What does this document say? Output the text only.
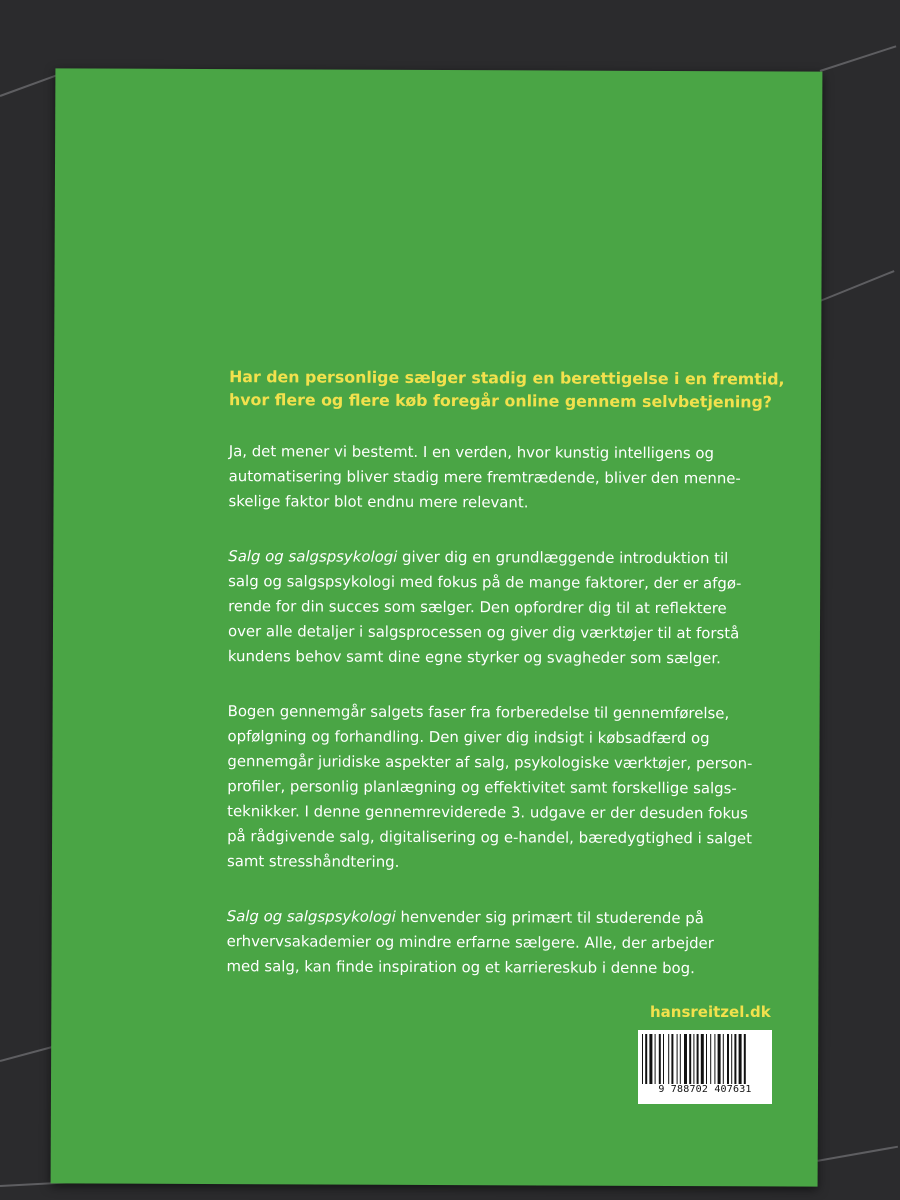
Har den personlige sælger stadig en berettigelse i en fremtid,
hvor flere og flere køb foregår online gennem selvbetjening?

Ja, det mener vi bestemt. I en verden, hvor kunstig intelligens og
automatisering bliver stadig mere fremtrædende, bliver den menne-
skelige faktor blot endnu mere relevant.

Salg og salgspsykologi giver dig en grundlæggende introduktion til
salg og salgspsykologi med fokus på de mange faktorer, der er afgø-
rende for din succes som sælger. Den opfordrer dig til at reflektere
over alle detaljer i salgsprocessen og giver dig værktøjer til at forstå
kundens behov samt dine egne styrker og svagheder som sælger.

Bogen gennemgår salgets faser fra forberedelse til gennemførelse,
opfølgning og forhandling. Den giver dig indsigt i købsadfærd og
gennemgår juridiske aspekter af salg, psykologiske værktøjer, person-
profiler, personlig planlægning og effektivitet samt forskellige salgs-
teknikker. I denne gennemreviderede 3. udgave er der desuden fokus
på rådgivende salg, digitalisering og e-handel, bæredygtighed i salget
samt stresshåndtering.

Salg og salgspsykologi henvender sig primært til studerende på
erhvervsakademier og mindre erfarne sælgere. Alle, der arbejder
med salg, kan finde inspiration og et karriereskub i denne bog.

hansreitzel.dk
9 788702 407631
